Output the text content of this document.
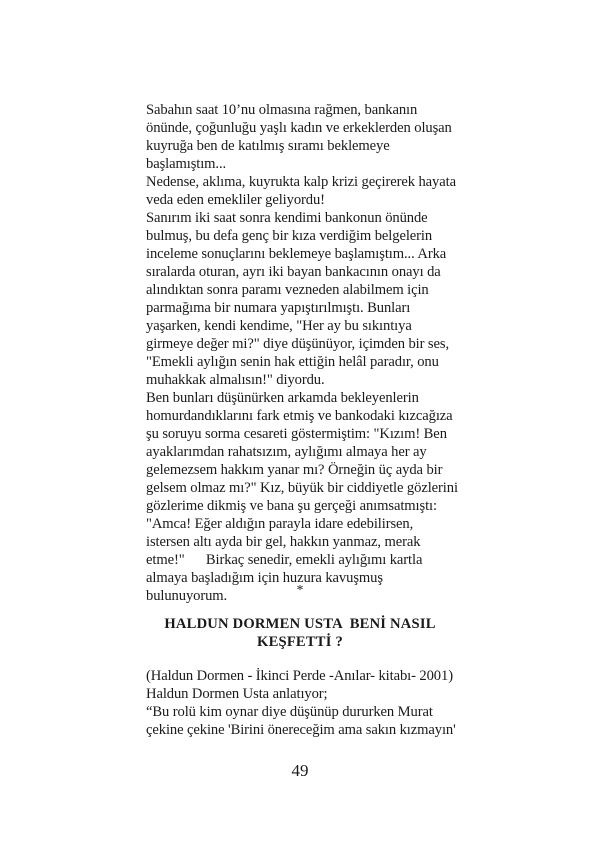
Sabahın saat 10’nu olmasına rağmen, bankanın
önünde, çoğunluğu yaşlı kadın ve erkeklerden oluşan
kuyruğa ben de katılmış sıramı beklemeye
başlamıştım...
Nedense, aklıma, kuyrukta kalp krizi geçirerek hayata
veda eden emekliler geliyordu!
Sanırım iki saat sonra kendimi bankonun önünde
bulmuş, bu defa genç bir kıza verdiğim belgelerin
inceleme sonuçlarını beklemeye başlamıştım... Arka
sıralarda oturan, ayrı iki bayan bankacının onayı da
alındıktan sonra paramı vezneden alabilmem için
parmağıma bir numara yapıştırılmıştı. Bunları
yaşarken, kendi kendime, "Her ay bu sıkıntıya
girmeye değer mi?" diye düşünüyor, içimden bir ses,
"Emekli aylığın senin hak ettiğin helâl paradır, onu
muhakkak almalısın!" diyordu.
Ben bunları düşünürken arkamda bekleyenlerin
homurdandıklarını fark etmiş ve bankodaki kızcağıza
şu soruyu sorma cesareti göstermiştim: "Kızım! Ben
ayaklarımdan rahatsızım, aylığımı almaya her ay
gelemezsem hakkım yanar mı? Örneğin üç ayda bir
gelsem olmaz mı?" Kız, büyük bir ciddiyetle gözlerini
gözlerime dikmiş ve bana şu gerçeği anımsatmıştı:
"Amca! Eğer aldığın parayla idare edebilirsen,
istersen altı ayda bir gel, hakkın yanmaz, merak
etme!"      Birkaç senedir, emekli aylığımı kartla
almaya başladığım için huzura kavuşmuş
bulunuyorum.	*
HALDUN DORMEN USTA  BENİ NASIL
KEŞFETTİ ?
(Haldun Dormen - İkinci Perde -Anılar- kitabı- 2001)
Haldun Dormen Usta anlatıyor;
“Bu rolü kim oynar diye düşünüp dururken Murat
çekine çekine 'Birini önereceğim ama sakın kızmayın'
49
